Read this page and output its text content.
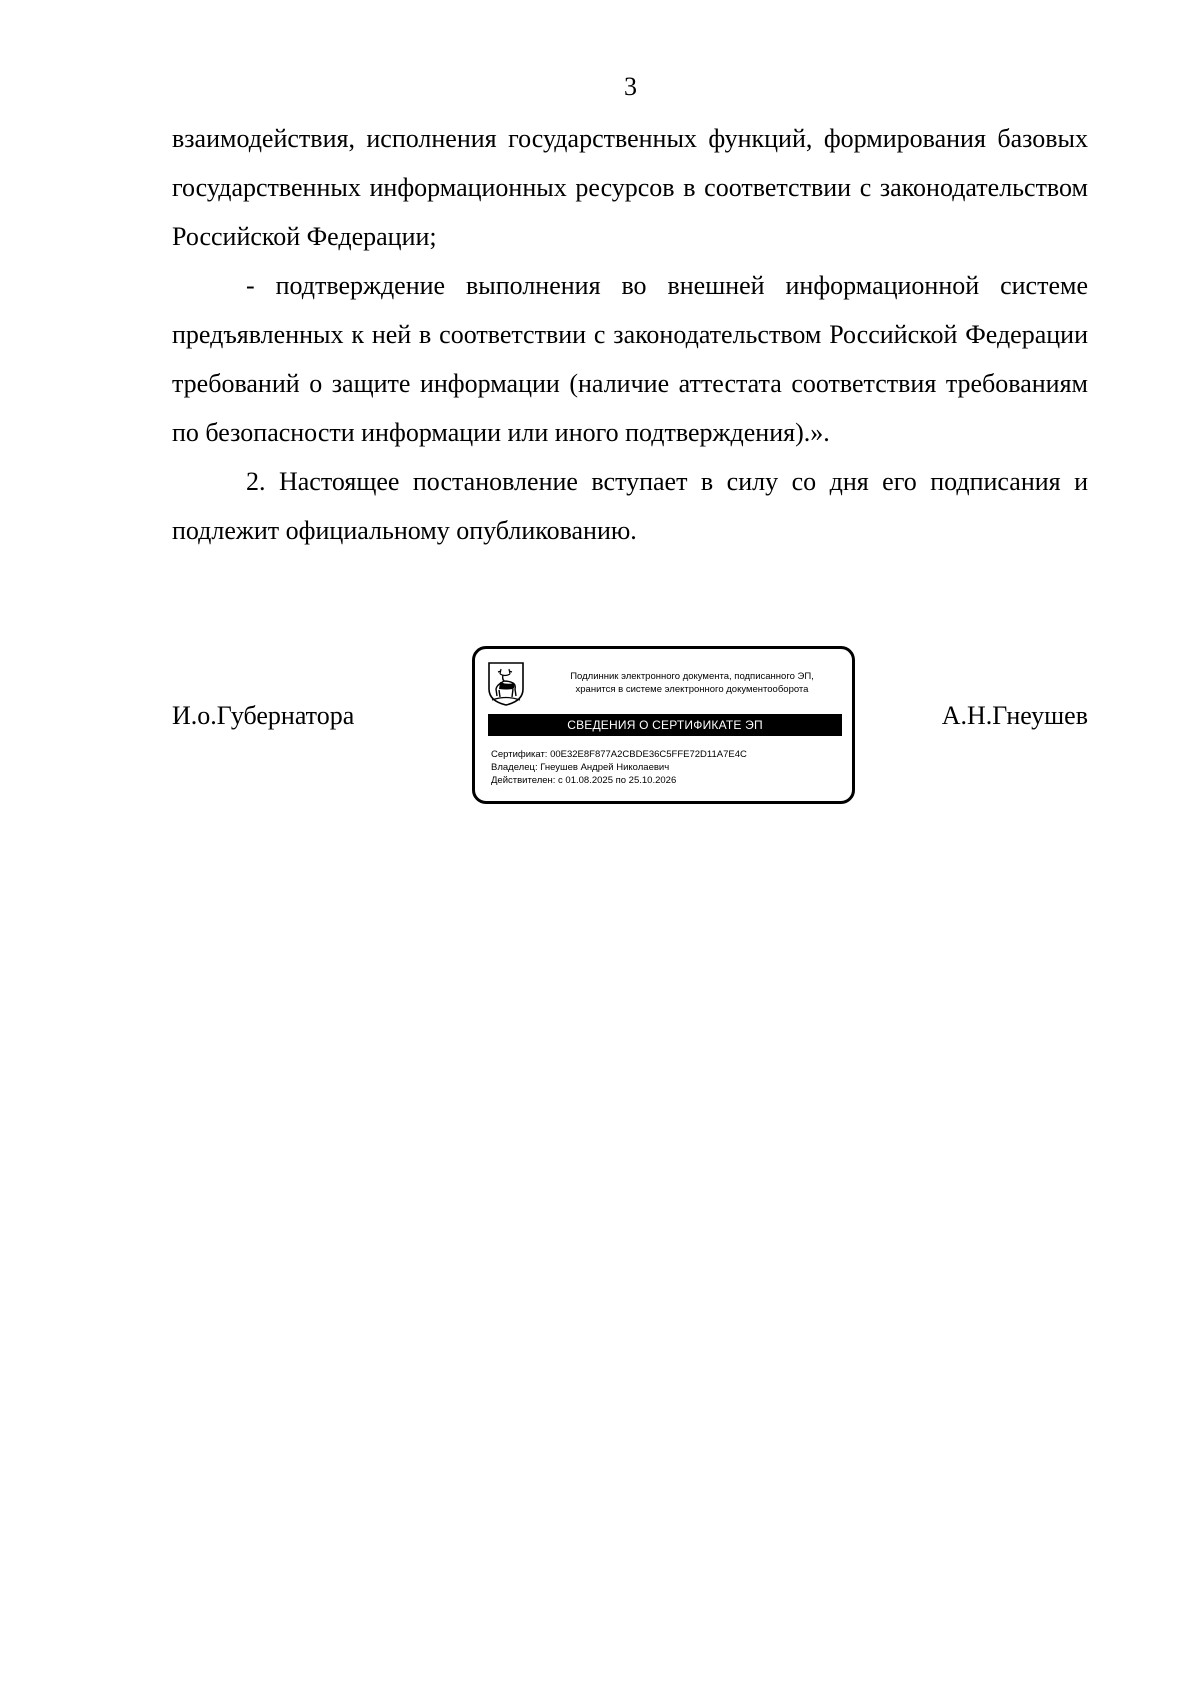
3

взаимодействия, исполнения государственных функций, формирования базовых государственных информационных ресурсов в соответствии с законодательством Российской Федерации;

- подтверждение выполнения во внешней информационной системе предъявленных к ней в соответствии с законодательством Российской Федерации требований о защите информации (наличие аттестата соответствия требованиям по безопасности информации или иного подтверждения).».

2. Настоящее постановление вступает в силу со дня его подписания и подлежит официальному опубликованию.

И.о.Губернатора
Подлинник электронного документа, подписанного ЭП,
хранится в системе электронного документооборота
СВЕДЕНИЯ О СЕРТИФИКАТЕ ЭП
Сертификат: 00E32E8F877A2CBDE36C5FFE72D11A7E4C
Владелец: Гнеушев Андрей Николаевич
Действителен: с 01.08.2025 по 25.10.2026
А.Н.Гнеушев
